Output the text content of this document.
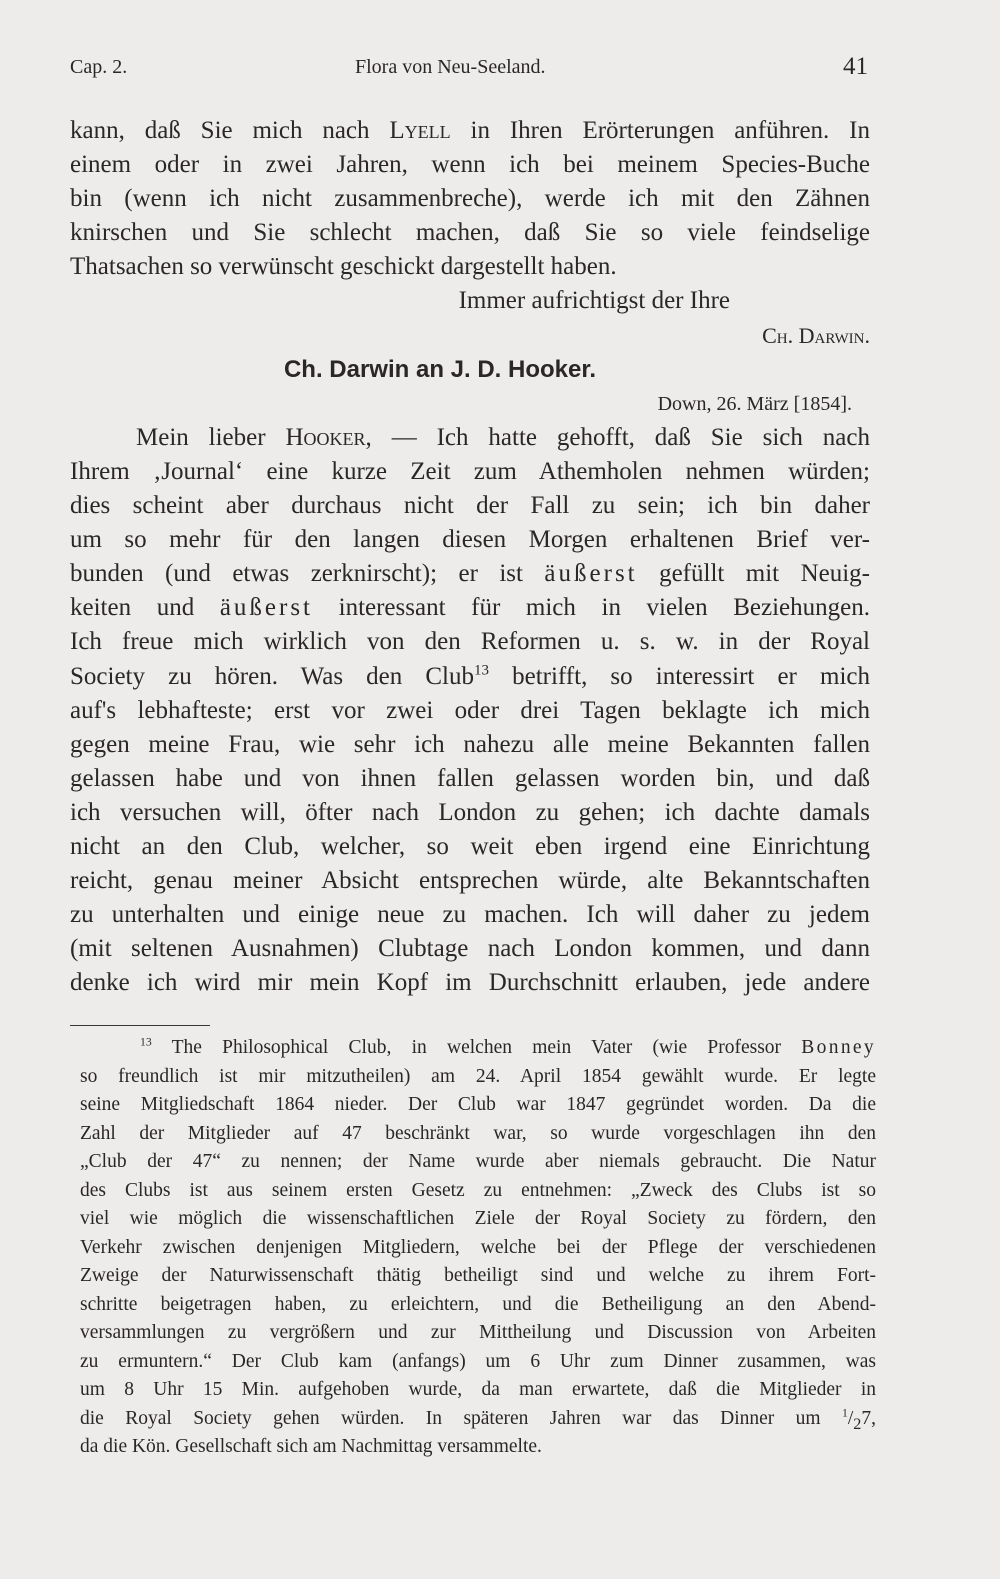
Cap. 2.	Flora von Neu-Seeland.	41
kann, daß Sie mich nach Lyell in Ihren Erörterungen anführen. In
einem oder in zwei Jahren, wenn ich bei meinem Species-Buche
bin (wenn ich nicht zusammenbreche), werde ich mit den Zähnen
knirschen und Sie schlecht machen, daß Sie so viele feindselige
Thatsachen so verwünscht geschickt dargestellt haben.
Immer aufrichtigst der Ihre
Ch. Darwin.
Ch. Darwin an J. D. Hooker.
Down, 26. März [1854].
Mein lieber Hooker, — Ich hatte gehofft, daß Sie sich nach
Ihrem ‚Journal‘ eine kurze Zeit zum Athemholen nehmen würden;
dies scheint aber durchaus nicht der Fall zu sein; ich bin daher
um so mehr für den langen diesen Morgen erhaltenen Brief ver-
bunden (und etwas zerknirscht); er ist äußerst gefüllt mit Neuig-
keiten und äußerst interessant für mich in vielen Beziehungen.
Ich freue mich wirklich von den Reformen u. s. w. in der Royal
Society zu hören. Was den Club$^{13}$ betrifft, so interessirt er mich
auf's lebhafteste; erst vor zwei oder drei Tagen beklagte ich mich
gegen meine Frau, wie sehr ich nahezu alle meine Bekannten fallen
gelassen habe und von ihnen fallen gelassen worden bin, und daß
ich versuchen will, öfter nach London zu gehen; ich dachte damals
nicht an den Club, welcher, so weit eben irgend eine Einrichtung
reicht, genau meiner Absicht entsprechen würde, alte Bekanntschaften
zu unterhalten und einige neue zu machen. Ich will daher zu jedem
(mit seltenen Ausnahmen) Clubtage nach London kommen, und dann
denke ich wird mir mein Kopf im Durchschnitt erlauben, jede andere
$^{13}$ The Philosophical Club, in welchen mein Vater (wie Professor Bonney
so freundlich ist mir mitzutheilen) am 24. April 1854 gewählt wurde. Er legte
seine Mitgliedschaft 1864 nieder. Der Club war 1847 gegründet worden. Da die
Zahl der Mitglieder auf 47 beschränkt war, so wurde vorgeschlagen ihn den
„Club der 47“ zu nennen; der Name wurde aber niemals gebraucht. Die Natur
des Clubs ist aus seinem ersten Gesetz zu entnehmen: „Zweck des Clubs ist so
viel wie möglich die wissenschaftlichen Ziele der Royal Society zu fördern, den
Verkehr zwischen denjenigen Mitgliedern, welche bei der Pflege der verschiedenen
Zweige der Naturwissenschaft thätig betheiligt sind und welche zu ihrem Fort-
schritte beigetragen haben, zu erleichtern, und die Betheiligung an den Abend-
versammlungen zu vergrößern und zur Mittheilung und Discussion von Arbeiten
zu ermuntern.“ Der Club kam (anfangs) um 6 Uhr zum Dinner zusammen, was
um 8 Uhr 15 Min. aufgehoben wurde, da man erwartete, daß die Mitglieder in
die Royal Society gehen würden. In späteren Jahren war das Dinner um $^1/_27$,
da die Kön. Gesellschaft sich am Nachmittag versammelte.
